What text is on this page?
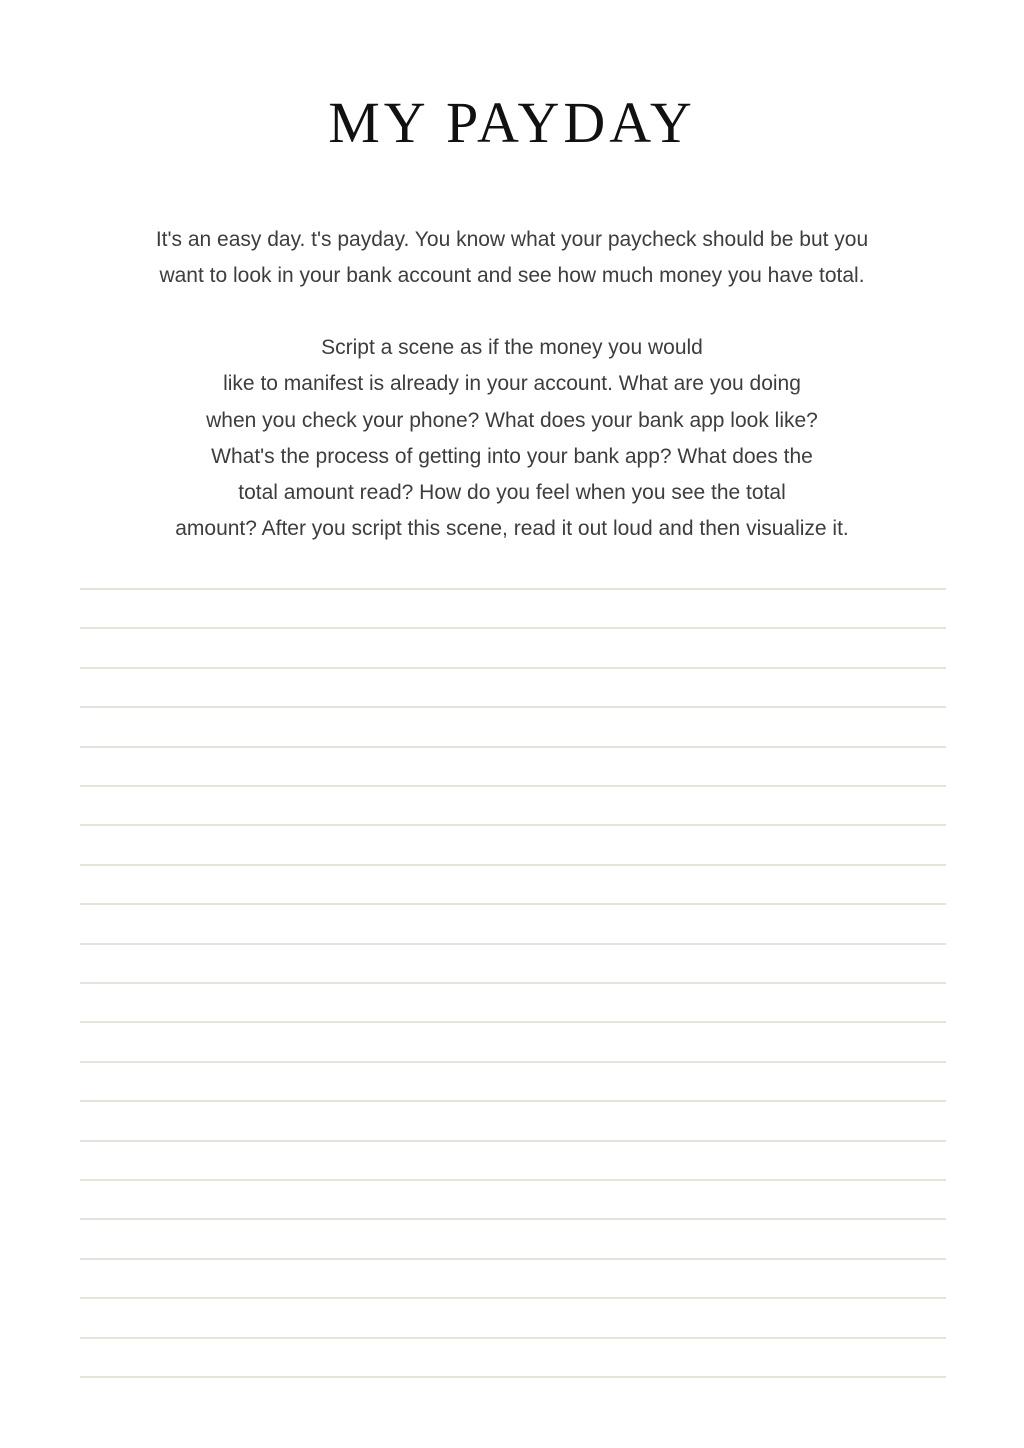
MY PAYDAY
It's an easy day. t's payday. You know what your paycheck should be but you
want to look in your bank account and see how much money you have total.
Script a scene as if the money you would
like to manifest is already in your account. What are you doing
when you check your phone? What does your bank app look like?
What's the process of getting into your bank app? What does the
total amount read? How do you feel when you see the total
amount? After you script this scene, read it out loud and then visualize it.
